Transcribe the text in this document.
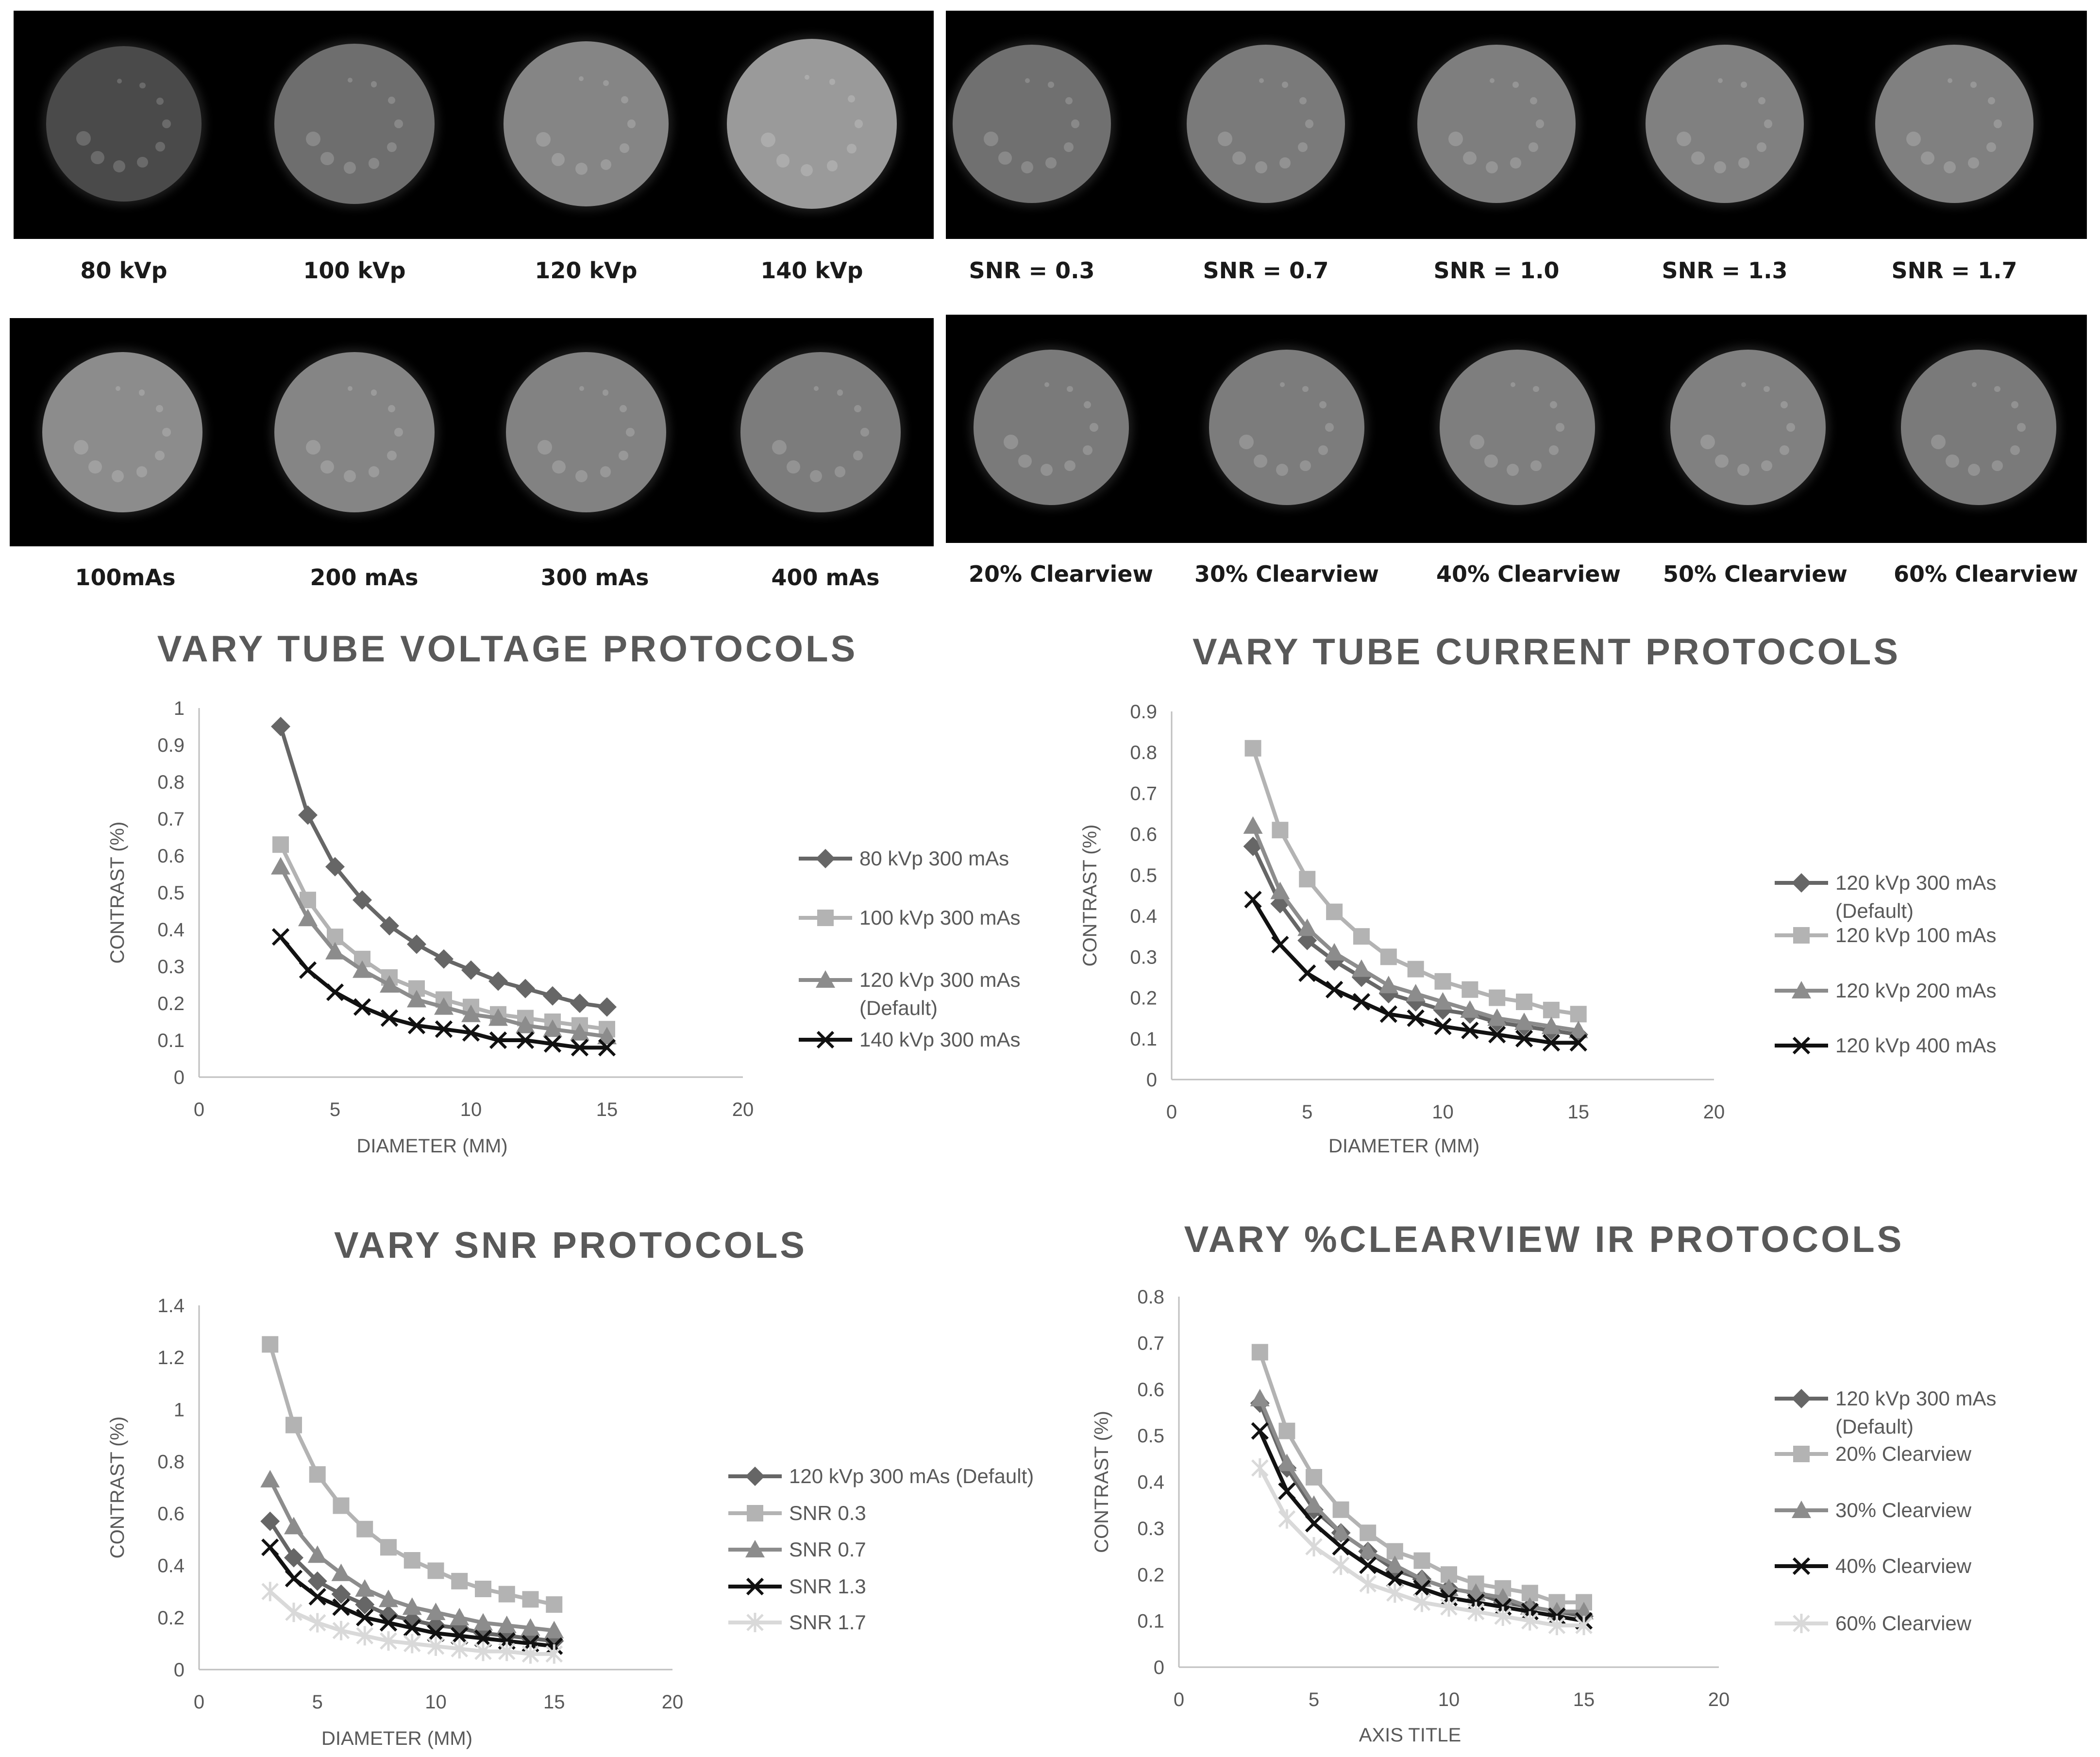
80 kVp	100 kVp	120 kVp	140 kVp	SNR = 0.3	SNR = 0.7	SNR = 1.0	SNR = 1.3	SNR = 1.7
100mAs	200 mAs	300 mAs	400 mAs	20% Clearview 30% Clearview	40% Clearview 50% Clearview 60% Clearview
VARY TUBE VOLTAGE PROTOCOLS
0
0.1
0.2
0.3
0.4
0.5
0.6
0.7
0.8
0.9
1
0	5	10	15	20
DIAMETER (MM)
CONTRAST (%)	80 kVp 300 mAs
100 kVp 300 mAs
120 kVp 300 mAs
(Default)
140 kVp 300 mAs
VARY TUBE CURRENT PROTOCOLS
0
0.1
0.2
0.3
0.4
0.5
0.6
0.7
0.8
0.9
0	5	10	15	20
DIAMETER (MM)
CONTRAST (%)	120 kVp 300 mAs
(Default)
120 kVp 100 mAs
120 kVp 200 mAs
120 kVp 400 mAs
VARY SNR PROTOCOLS
0
0.2
0.4
0.6
0.8
1
1.2
1.4
0	5	10	15	20
DIAMETER (MM)
CONTRAST (%)	120 kVp 300 mAs (Default)
SNR 0.3
SNR 0.7
SNR 1.3
SNR 1.7
VARY %CLEARVIEW IR PROTOCOLS
0
0.1
0.2
0.3
0.4
0.5
0.6
0.7
0.8
0	5	10	15	20
AXIS TITLE
CONTRAST (%)
120 kVp 300 mAs
(Default)
20% Clearview
30% Clearview
40% Clearview
60% Clearview
